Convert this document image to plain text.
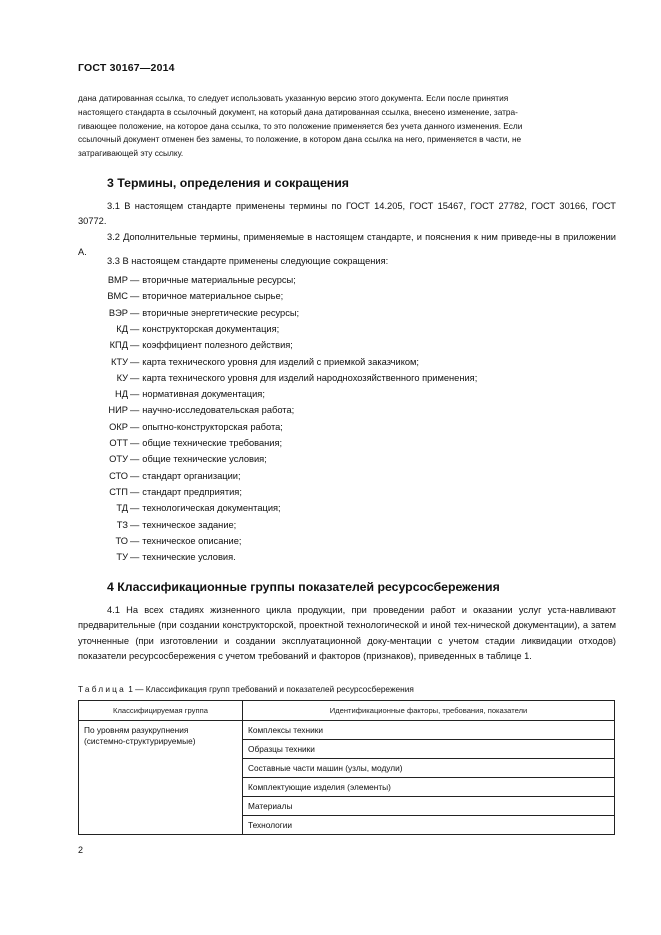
ГОСТ 30167—2014

дана датированная ссылка, то следует использовать указанную версию этого документа. Если после принятия

настоящего стандарта в ссылочный документ, на который дана датированная ссылка, внесено изменение, затра-

гивающее положение, на которое дана ссылка, то это положение применяется без учета данного изменения. Если

ссылочный документ отменен без замены, то положение, в котором дана ссылка на него, применяется в части, не

затрагивающей эту ссылку.

3 Термины, определения и сокращения

3.1 В настоящем стандарте применены термины по ГОСТ 14.205, ГОСТ 15467, ГОСТ 27782, ГОСТ 30166, ГОСТ 30772.

3.2 Дополнительные термины, применяемые в настоящем стандарте, и пояснения к ним приведе-ны в приложении А.

3.3 В настоящем стандарте применены следующие сокращения:

ВМР — вторичные материальные ресурсы;
ВМС — вторичное материальное сырье;
ВЭР — вторичные энергетические ресурсы;
КД — конструкторская документация;
КПД — коэффициент полезного действия;
КТУ — карта технического уровня для изделий с приемкой заказчиком;
КУ — карта технического уровня для изделий народнохозяйственного применения;
НД — нормативная документация;
НИР — научно-исследовательская работа;
ОКР — опытно-конструкторская работа;
ОТТ — общие технические требования;
ОТУ — общие технические условия;
СТО — стандарт организации;
СТП — стандарт предприятия;
ТД — технологическая документация;
ТЗ — техническое задание;
ТО — техническое описание;
ТУ — технические условия.
4 Классификационные группы показателей ресурсосбережения

4.1 На всех стадиях жизненного цикла продукции, при проведении работ и оказании услуг уста-навливают предварительные (при создании конструкторской, проектной технологической и иной тех-нической документации), а затем уточненные (при изготовлении и создании эксплуатационной доку-ментации с учетом стадии ликвидации отходов) показатели ресурсосбережения с учетом требований и факторов (признаков), приведенных в таблице 1.

Таблица 1 — Классификация групп требований и показателей ресурсосбережения
Классифицируемая группа	Идентификационные факторы, требования, показатели

По уровням разукрупнения
(системно-структурируемые)	Комплексы техники
	Образцы техники
	Составные части машин (узлы, модули)
	Комплектующие изделия (элементы)
	Материалы
	Технологии
2
